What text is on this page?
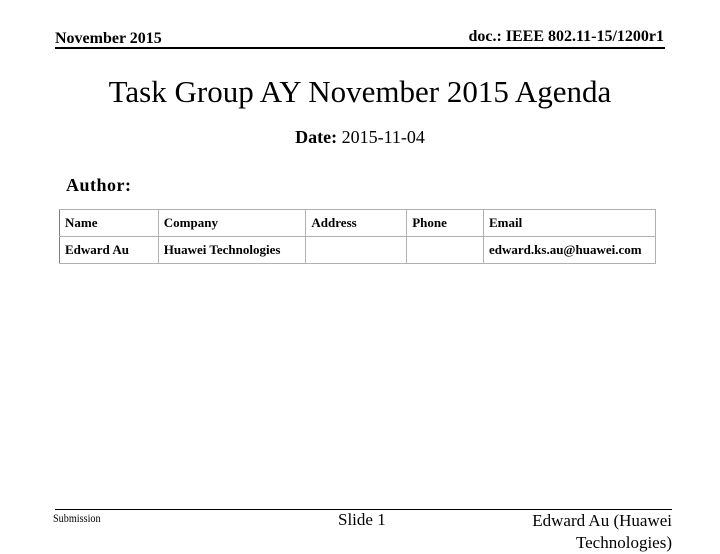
November 2015	doc.: IEEE 802.11-15/1200r1
Task Group AY November 2015 Agenda
Date: 2015-11-04
Author:
Name	Company	Address	Phone	Email
Edward Au	Huawei Technologies			edward.ks.au@huawei.com
Submission	Slide 1	Edward Au (Huawei Technologies)
